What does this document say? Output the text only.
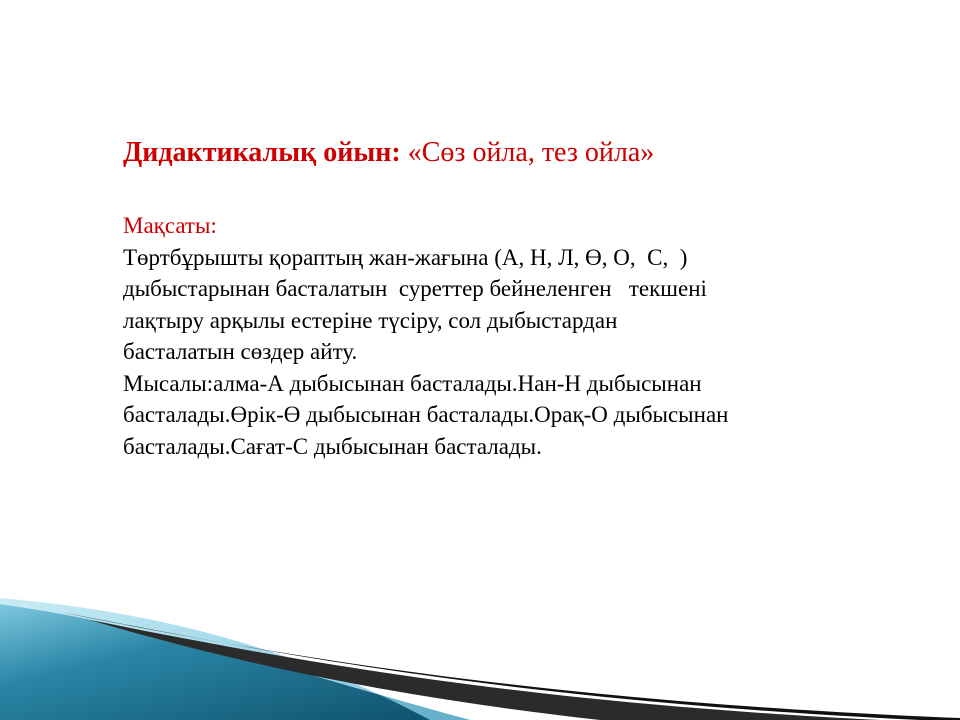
Дидактикалық ойын: «Сөз ойла, тез ойла»
Мақсаты:
Төртбұрышты қораптың жан-жағына (А, Н, Л, Ө, О,  С,  )
дыбыстарынан басталатын  суреттер бейнеленген   текшені
лақтыру арқылы естеріне түсіру, сол дыбыстардан
басталатын сөздер айту.
Мысалы:алма-А дыбысынан басталады.Нан-Н дыбысынан
басталады.Өрік-Ө дыбысынан басталады.Орақ-О дыбысынан
басталады.Сағат-С дыбысынан басталады.
